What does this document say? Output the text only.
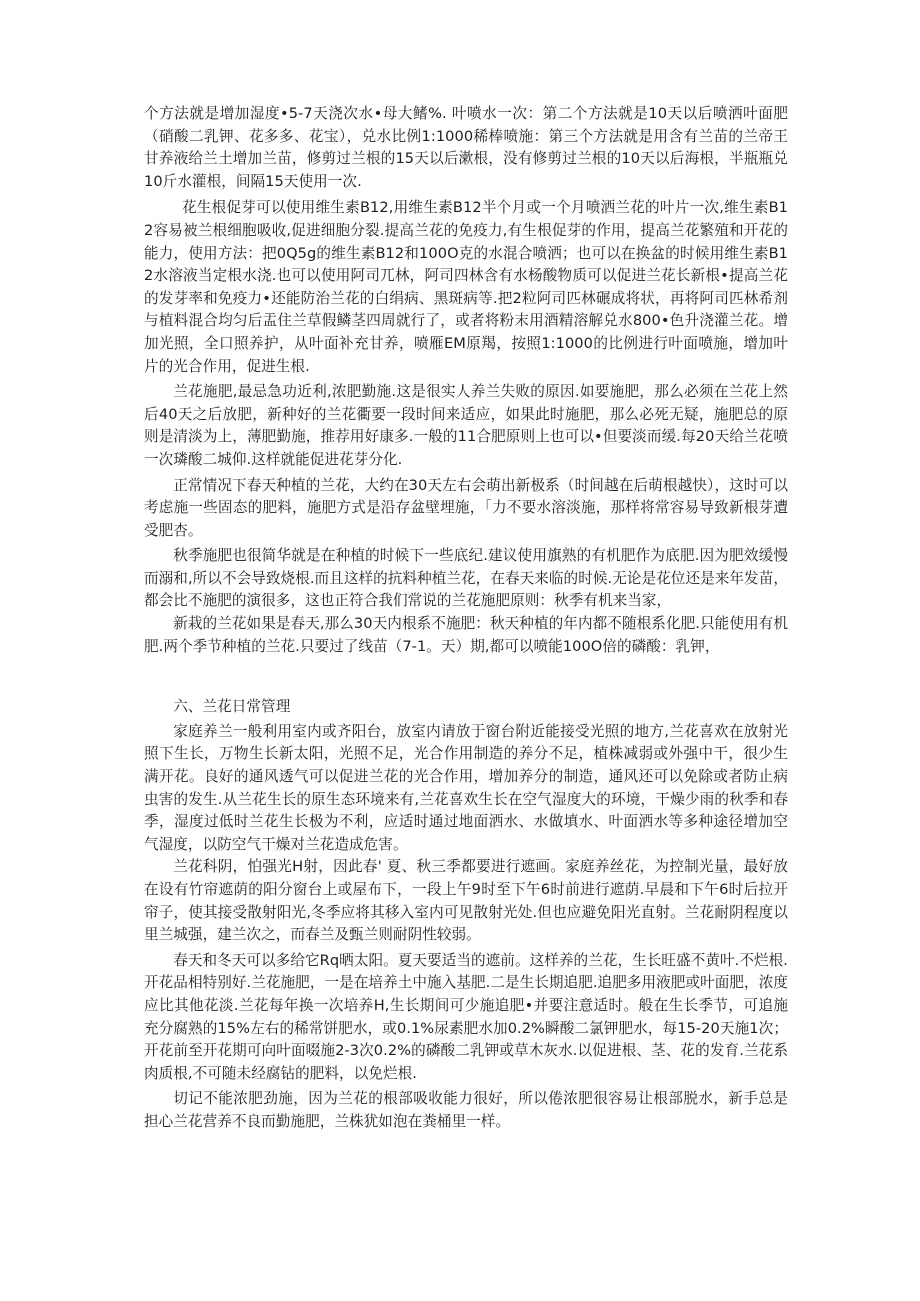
个方法就是增加湿度•5-7天浇次水•母大鳍%. 叶喷水一次：第二个方法就是10天以后喷洒叶面肥（硝酸二乳钾、花多多、花宝），兑水比例1:1000稀棒喷施：第三个方法就是用含有兰苗的兰帝王甘养液给兰土增加兰苗，修剪过兰根的15天以后漱根，没有修剪过兰根的10天以后海根，半瓶瓶兑10斤水灌根，间隔15天使用一次.

花生根促芽可以使用维生素B12,用维生素B12半个月或一个月喷洒兰花的叶片一次,维生素B12容易被兰根细胞吸收,促进细胞分裂.提高兰花的免疫力,有生根促芽的作用，提高兰花繁殖和开花的能力，使用方法：把0Q5g的维生素B12和100O克的水混合喷洒；也可以在换盆的时候用维生素B12水溶液当定根水浇.也可以使用阿司兀林，阿司四林含有水杨酸物质可以促进兰花长新根•提高兰花的发芽率和免疫力•还能防治兰花的白绢病、黑斑病等.把2粒阿司匹林碾成将状，再将阿司匹林希剂与植料混合均匀后盂住兰草假鳞茎四周就行了，或者将粉末用酒精溶解兑水800•色升浇灌兰花。增加光照，全口照养护，从叶面补充甘养，喷雁EM原羯，按照1:1000的比例进行叶面喷施，增加叶片的光合作用，促进生根.

兰花施肥,最忌急功近利,浓肥勤施.这是很实人养兰失败的原因.如要施肥，那么必须在兰花上然后40天之后放肥，新种好的兰花衢要一段时间来适应，如果此时施肥，那么必死无疑，施肥总的原则是清淡为上，薄肥勤施，推荐用好康多.一般的11合肥原则上也可以•但要淡而缓.每20天给兰花喷一次璘酸二城仰.这样就能促进花芽分化.

正常情况下春天种植的兰花，大约在30天左右会萌出新极系（时间越在后萌根越快），这时可以考虑施一些固态的肥料，施肥方式是沿存盆壁埋施，「力不要水溶淡施，那样将常容易导致新根芽遭受肥杏。

秋季施肥也很简华就是在种植的时候下一些底纪.建议使用旗熟的有机肥作为底肥.因为肥效缓慢而溺和,所以不会导致烧根.而且这样的抗料种植兰花，在春天来临的时候.无论是花位还是来年发苗，都会比不施肥的演很多，这也正符合我们常说的兰花施肥原则：秋季有机来当家，

新栽的兰花如果是春天,那么30天内根系不施肥：秋天种植的年内都不随根系化肥.只能使用有机肥.两个季节种植的兰花.只要过了线苗（7-1。天）期,都可以喷能100O倍的磷酸：乳钾，

六、兰花日常管理

家庭养兰一般利用室内或齐阳台，放室内请放于窗台附近能接受光照的地方,兰花喜欢在放射光照下生长，万物生长新太阳，光照不足，光合作用制造的养分不足，植株减弱或外强中干，很少生满开花。良好的通风透气可以促进兰花的光合作用，增加养分的制造，通风还可以免除或者防止病虫害的发生.从兰花生长的原生态环境来有,兰花喜欢生长在空气湿度大的环境，干燥少雨的秋季和春季，湿度过低时兰花生长极为不利，应适时通过地面洒水、水做填水、叶面洒水等多种途径增加空气湿度，以防空气干燥对兰花造成危害。

兰花科阴，怕强光H射，因此春' 夏、秋三季都要进行遮画。家庭养丝花，为控制光量，最好放在设有竹帘遮荫的阳分窗台上或屋布下，一段上午9时至下午6时前进行遮荫.早晨和下午6时后拉开帘子，使其接受散射阳光,冬季应将其移入室内可见散射光处.但也应避免阳光直射。兰花耐阴程度以里兰城强，建兰次之，而春兰及甄兰则耐阴性较弱。

春天和冬天可以多给它Rq晒太阳。夏天要适当的遮前。这样养的兰花，生长旺盛不黄叶.不烂根.开花品相特别好.兰花施肥，一是在培养土中施入基肥.二是生长期追肥.追肥多用液肥或叶面肥，浓度应比其他花淡.兰花每年换一次培养H,生长期间可少施追肥•并要注意适时。般在生长季节，可追施充分腐熟的15%左右的稀常饼肥水，或0.1%尿素肥水加0.2%瞬酸二氯钾肥水，每15-20天施1次；开花前至开花期可向叶面啜施2-3次0.2%的磷酸二乳钾或草木灰水.以促进根、茎、花的发育.兰花系肉质根,不可随未经腐钻的肥料，以免烂根.

切记不能浓肥劲施，因为兰花的根部吸收能力很好，所以倦浓肥很容易让根部脱水，新手总是担心兰花营养不良而勤施肥，兰株犹如泡在粪桶里一样。
